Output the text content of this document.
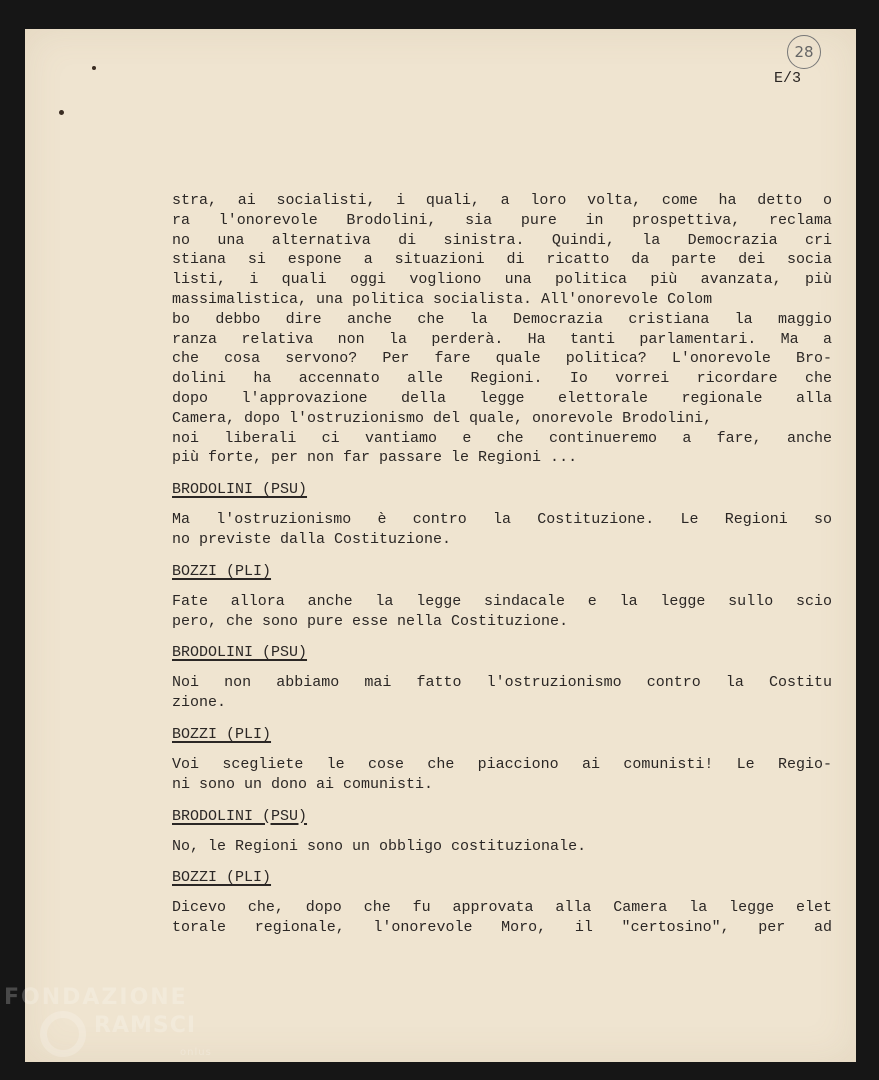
28
E/3
stra, ai socialisti, i quali, a loro volta, come ha detto o
ra l'onorevole Brodolini, sia pure in prospettiva, reclama
no una alternativa di sinistra. Quindi, la Democrazia cri
stiana si espone a situazioni di ricatto da parte dei socia
listi, i quali oggi vogliono una politica più avanzata, più
massimalistica, una politica socialista. All'onorevole Colom
bo debbo dire anche che la Democrazia cristiana la maggio
ranza relativa non la perderà. Ha tanti parlamentari. Ma a
che cosa servono? Per fare quale politica? L'onorevole Bro-
dolini ha accennato alle Regioni. Io vorrei ricordare che
dopo l'approvazione della legge elettorale regionale alla
Camera, dopo l'ostruzionismo del quale, onorevole Brodolini,
noi liberali ci vantiamo e che continueremo a fare, anche
più forte, per non far passare le Regioni ...
BRODOLINI (PSU)
Ma l'ostruzionismo è contro la Costituzione. Le Regioni so
no previste dalla Costituzione.
BOZZI (PLI)
Fate allora anche la legge sindacale e la legge sullo scio
pero, che sono pure esse nella Costituzione.
BRODOLINI (PSU)
Noi non abbiamo mai fatto l'ostruzionismo contro la Costitu
zione.
BOZZI (PLI)
Voi scegliete le cose che piacciono ai comunisti! Le Regio-
ni sono un dono ai comunisti.
BRODOLINI (PSU)
No, le Regioni sono un obbligo costituzionale.
BOZZI (PLI)
Dicevo che, dopo che fu approvata alla Camera la legge elet
torale regionale, l'onorevole Moro, il "certosino", per ad
FONDAZIONE
RAMSCI
onlus
